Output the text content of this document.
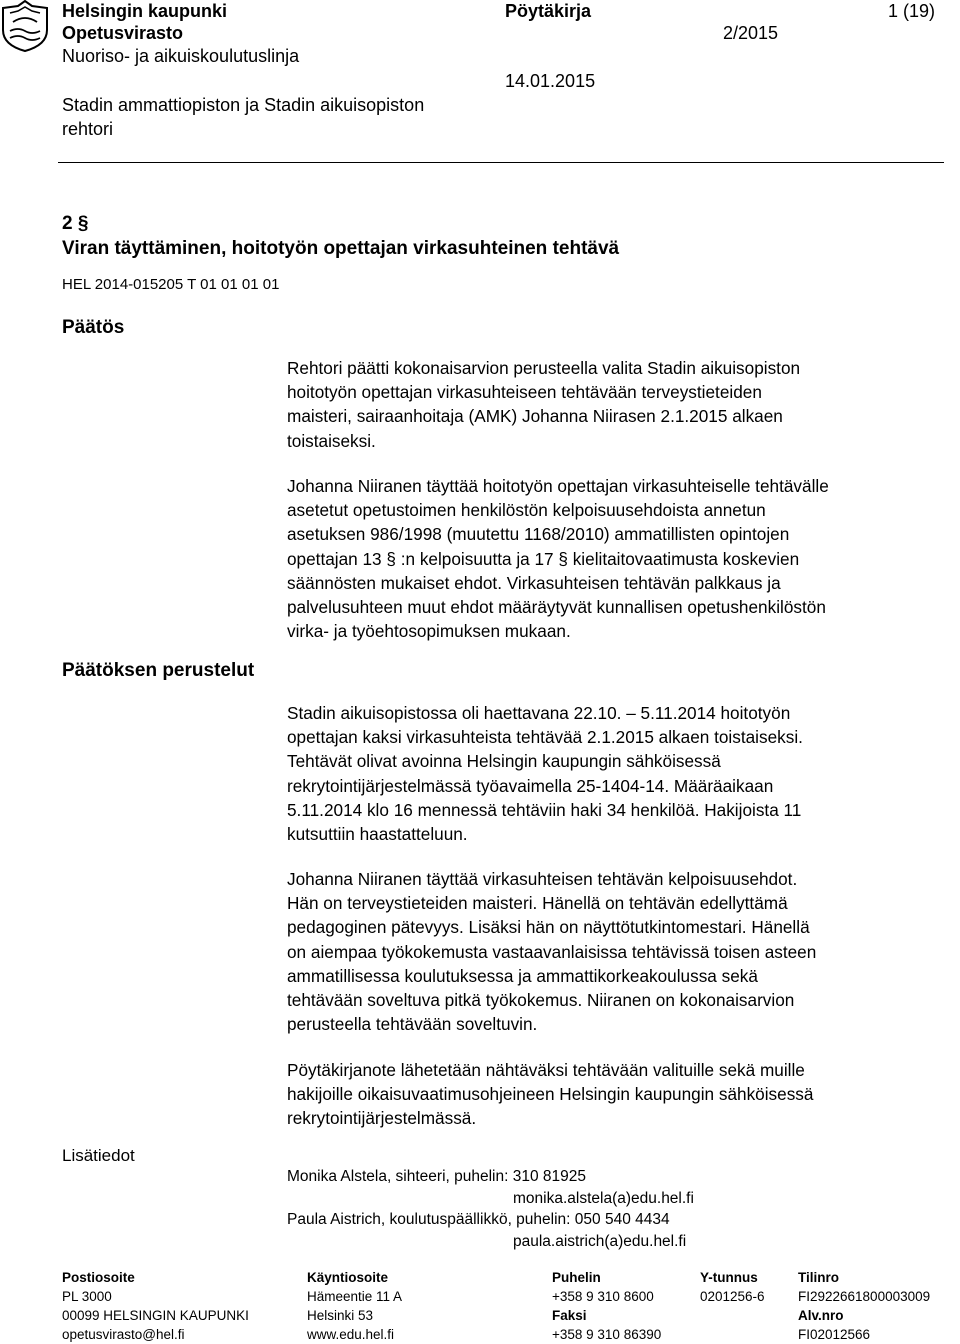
Helsingin kaupunki
Opetusvirasto
Nuoriso- ja aikuiskoulutuslinja
Stadin ammattiopiston ja Stadin aikuisopiston
rehtori
Pöytäkirja
14.01.2015
2/2015
1 (19)
2 §
Viran täyttäminen, hoitotyön opettajan virkasuhteinen tehtävä
HEL 2014-015205 T 01 01 01 01
Päätös
Rehtori päätti kokonaisarvion perusteella valita Stadin aikuisopiston
hoitotyön opettajan virkasuhteiseen tehtävään terveystieteiden
maisteri, sairaanhoitaja (AMK) Johanna Niirasen 2.1.2015 alkaen
toistaiseksi.
Päätöksen perustelut
Johanna Niiranen täyttää hoitotyön opettajan virkasuhteiselle tehtävälle
asetetut opetustoimen henkilöstön kelpoisuusehdoista annetun
asetuksen 986/1998 (muutettu 1168/2010) ammatillisten opintojen
opettajan 13 § :n kelpoisuutta ja 17 § kielitaitovaatimusta koskevien
säännösten mukaiset ehdot. Virkasuhteisen tehtävän palkkaus ja
palvelusuhteen muut ehdot määräytyvät kunnallisen opetushenkilöstön
virka- ja työehtosopimuksen mukaan.
Stadin aikuisopistossa oli haettavana 22.10. – 5.11.2014 hoitotyön
opettajan kaksi virkasuhteista tehtävää 2.1.2015 alkaen toistaiseksi.
Tehtävät olivat avoinna Helsingin kaupungin sähköisessä
rekrytointijärjestelmässä työavaimella 25-1404-14. Määräaikaan
5.11.2014 klo 16 mennessä tehtäviin haki 34 henkilöä. Hakijoista 11
kutsuttiin haastatteluun.
Johanna Niiranen täyttää virkasuhteisen tehtävän kelpoisuusehdot.
Hän on terveystieteiden maisteri. Hänellä on tehtävän edellyttämä
pedagoginen pätevyys. Lisäksi hän on näyttötutkintomestari. Hänellä
on aiempaa työkokemusta vastaavanlaisissa tehtävissä toisen asteen
ammatillisessa koulutuksessa ja ammattikorkeakoulussa sekä
tehtävään soveltuva pitkä työkokemus. Niiranen on kokonaisarvion
perusteella tehtävään soveltuvin.
Pöytäkirjanote lähetetään nähtäväksi tehtävään valituille sekä muille
hakijoille oikaisuvaatimusohjeineen Helsingin kaupungin sähköisessä
rekrytointijärjestelmässä.
Lisätiedot
Monika Alstela, sihteeri, puhelin: 310 81925
monika.alstela(a)edu.hel.fi
Paula Aistrich, koulutuspäällikkö, puhelin: 050 540 4434
paula.aistrich(a)edu.hel.fi
Postiosoite
PL 3000
00099 HELSINGIN KAUPUNKI
opetusvirasto@hel.fi
Käyntiosoite
Hämeentie 11 A
Helsinki 53
www.edu.hel.fi
Puhelin
+358 9 310 8600
Faksi
+358 9 310 86390
Y-tunnus
0201256-6
Tilinro
FI2922661800003009
Alv.nro
FI02012566
